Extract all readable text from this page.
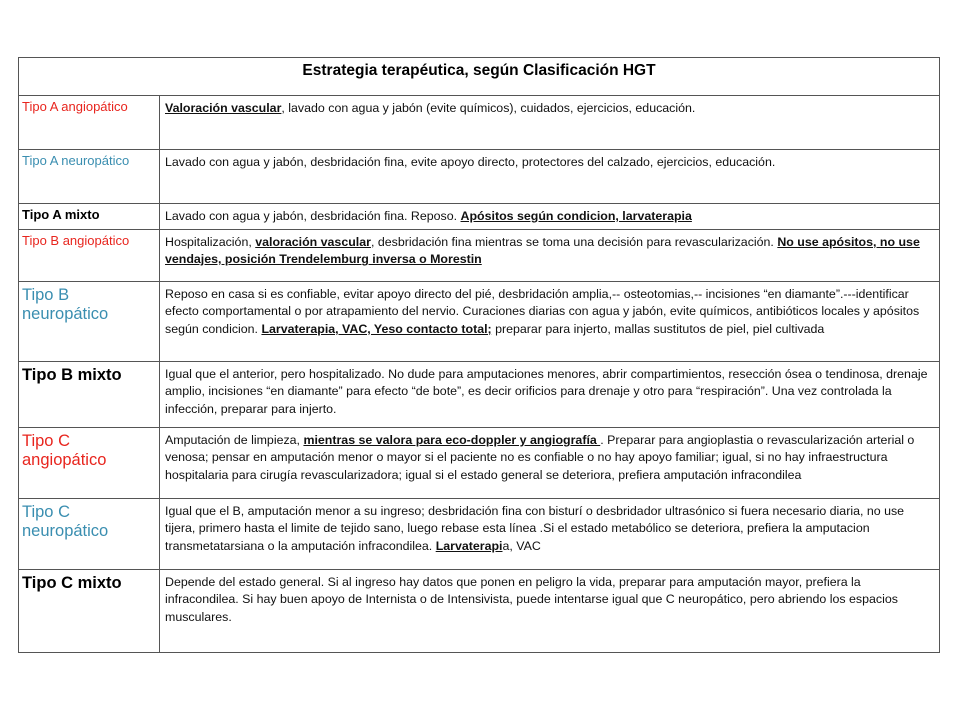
Estrategia terapéutica, según Clasificación HGT	
Tipo A angiopático	Valoración vascular, lavado con agua y jabón (evite químicos), cuidados, ejercicios, educación.
Tipo A neuropático	Lavado con agua y jabón, desbridación fina, evite apoyo directo, protectores del calzado, ejercicios, educación.
Tipo A mixto	Lavado con agua y jabón, desbridación fina. Reposo. Apósitos según condicion, larvaterapia
Tipo B angiopático	Hospitalización, valoración vascular, desbridación fina mientras se toma una decisión para revascularización. No use apósitos, no use vendajes, posición Trendelemburg inversa o Morestin
Tipo B neuropático	Reposo en casa si es confiable, evitar apoyo directo del pié, desbridación amplia,-- osteotomias,-- incisiones “en diamante”.---identificar efecto comportamental o por atrapamiento del nervio. Curaciones diarias con agua y jabón, evite químicos, antibióticos locales y apósitos según condicion. Larvaterapia, VAC, Yeso contacto total; preparar para injerto, mallas sustitutos de piel, piel cultivada
Tipo B mixto	Igual que el anterior, pero hospitalizado. No dude para amputaciones menores, abrir compartimientos, resección ósea o tendinosa, drenaje amplio, incisiones “en diamante” para efecto “de bote”, es decir orificios para drenaje y otro para “respiración”. Una vez controlada la infección, preparar para injerto.
Tipo C angiopático	Amputación de limpieza, mientras se valora para eco-doppler y angiografía . Preparar para angioplastia o revascularización arterial o venosa; pensar en amputación menor o mayor si el paciente no es confiable o no hay apoyo familiar; igual, si no hay infraestructura hospitalaria para cirugía revascularizadora; igual si el estado general se deteriora, prefiera amputación infracondilea
Tipo C neuropático	Igual que el B, amputación menor a su ingreso; desbridación fina con bisturí o desbridador ultrasónico si fuera necesario diaria, no use tijera, primero hasta el limite de tejido sano, luego rebase esta línea .Si el estado metabólico se deteriora, prefiera la amputacion transmetatarsiana o la amputación infracondilea. Larvaterapia, VAC
Tipo C mixto	Depende del estado general. Si al ingreso hay datos que ponen en peligro la vida, preparar para amputación mayor, prefiera la infracondilea. Si hay buen apoyo de Internista o de Intensivista, puede intentarse igual que C neuropático, pero abriendo los espacios musculares.
